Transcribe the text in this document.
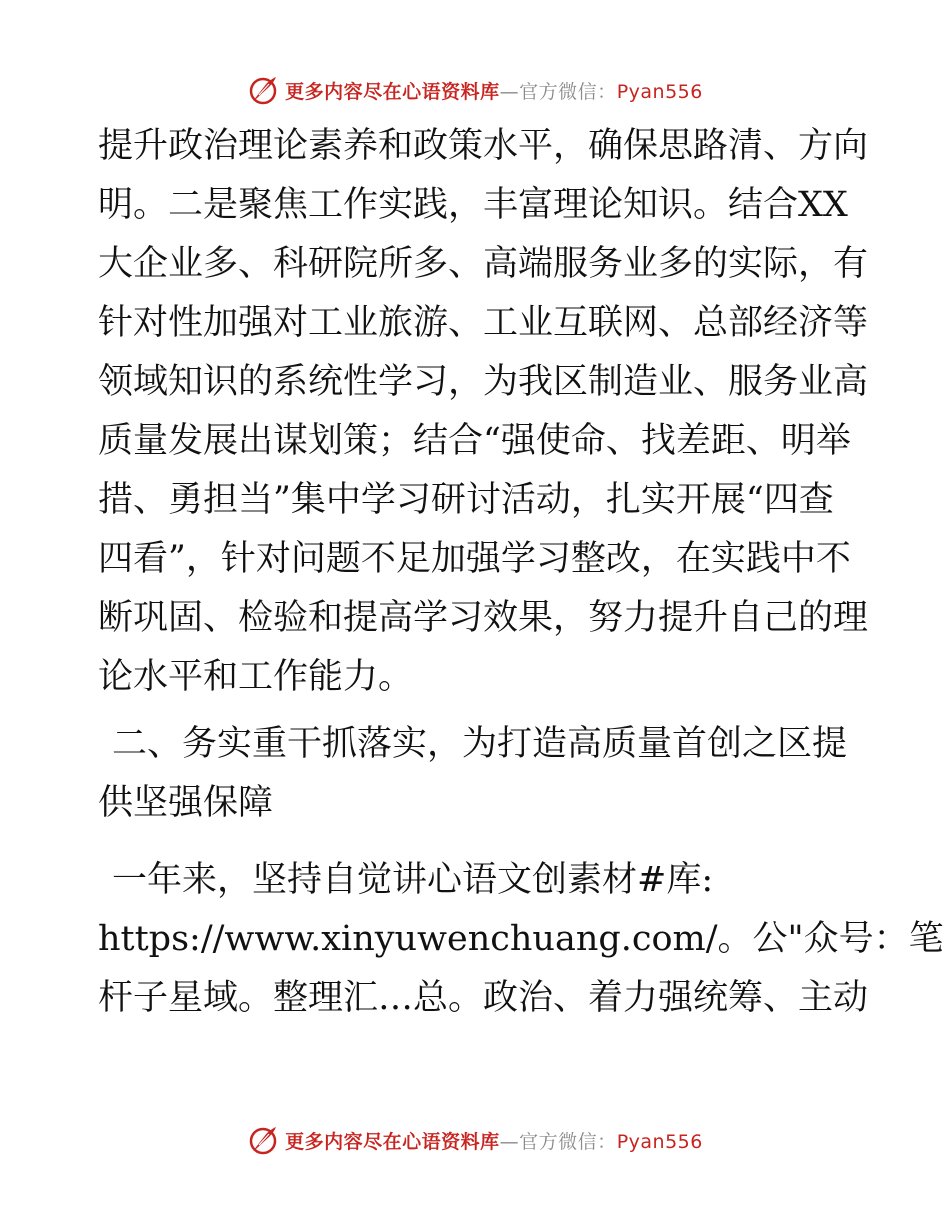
更多内容尽在心语资料库—官方微信：Pyan556
提升政治理论素养和政策水平，确保思路清、方向
明。二是聚焦工作实践，丰富理论知识。结合XX
大企业多、科研院所多、高端服务业多的实际，有
针对性加强对工业旅游、工业互联网、总部经济等
领域知识的系统性学习，为我区制造业、服务业高
质量发展出谋划策；结合“强使命、找差距、明举
措、勇担当”集中学习研讨活动，扎实开展“四查
四看”，针对问题不足加强学习整改，在实践中不
断巩固、检验和提高学习效果，努力提升自己的理
论水平和工作能力。
二、务实重干抓落实，为打造高质量首创之区提
供坚强保障
一年来，坚持自觉讲心语文创素材#库:
https://www.xinyuwenchuang.com/。公"众号：笔
杆子星域。整理汇…总。政治、着力强统筹、主动
更多内容尽在心语资料库—官方微信：Pyan556
